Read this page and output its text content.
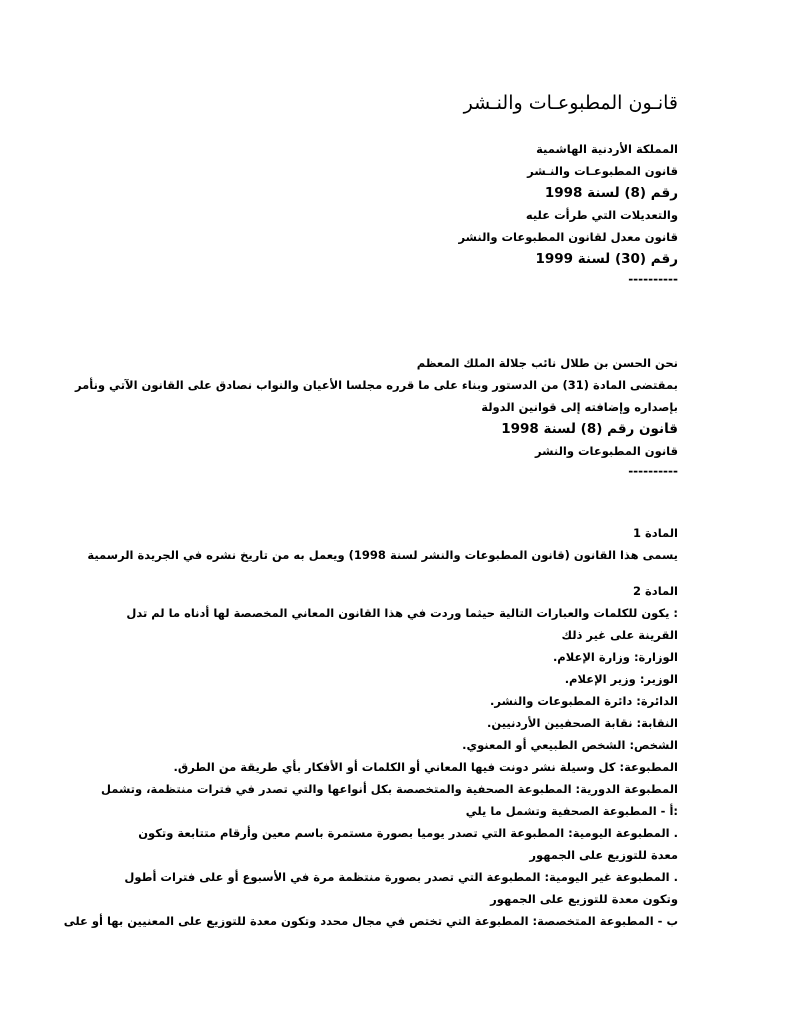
قانـون المطبوعـات والنـشر

المملكة الأردنية الهاشمية

قانون المطبوعـات والنـشر

رقم (8) لسنة 1998

والتعديلات التي طرأت عليه

قانون معدل لقانون المطبوعات والنشر

رقم (30) لسنة 1999

----------

نحن الحسن بن طلال نائب جلالة الملك المعظم

بمقتضى المادة (31) من الدستور وبناء على ما قرره مجلسا الأعيان والنواب نصادق على القانون الآتي ونأمر

بإصداره وإضافته إلى قوانين الدولة

قانون رقم (8) لسنة 1998

قانون المطبوعات والنشر

----------

المادة 1

يسمى هذا القانون (قانون المطبوعات والنشر لسنة 1998) ويعمل به من تاريخ نشره في الجريدة الرسمية

المادة 2

: يكون للكلمات والعبارات التالية حيثما وردت في هذا القانون المعاني المخصصة لها أدناه ما لم تدل القرينة على غير ذلك

الوزارة: وزارة الإعلام.

الوزير: وزير الإعلام.

الدائرة: دائرة المطبوعات والنشر.

النقابة: نقابة الصحفيين الأردنيين.

الشخص: الشخص الطبيعي أو المعنوي.

المطبوعة: كل وسيلة نشر دونت فيها المعاني أو الكلمات أو الأفكار بأي طريقة من الطرق.

المطبوعة الدورية: المطبوعة الصحفية والمتخصصة بكل أنواعها والتي تصدر في فترات منتظمة، وتشمل

:أ - المطبوعة الصحفية وتشمل ما يلي

. المطبوعة اليومية: المطبوعة التي تصدر يوميا بصورة مستمرة باسم معين وأرقام متتابعة وتكون معدة للتوزيع على الجمهور

. المطبوعة غير اليومية: المطبوعة التي تصدر بصورة منتظمة مرة في الأسبوع أو على فترات أطول وتكون معدة للتوزيع على الجمهور

ب - المطبوعة المتخصصة: المطبوعة التي تختص في مجال محدد وتكون معدة للتوزيع على المعنيين بها أو على
